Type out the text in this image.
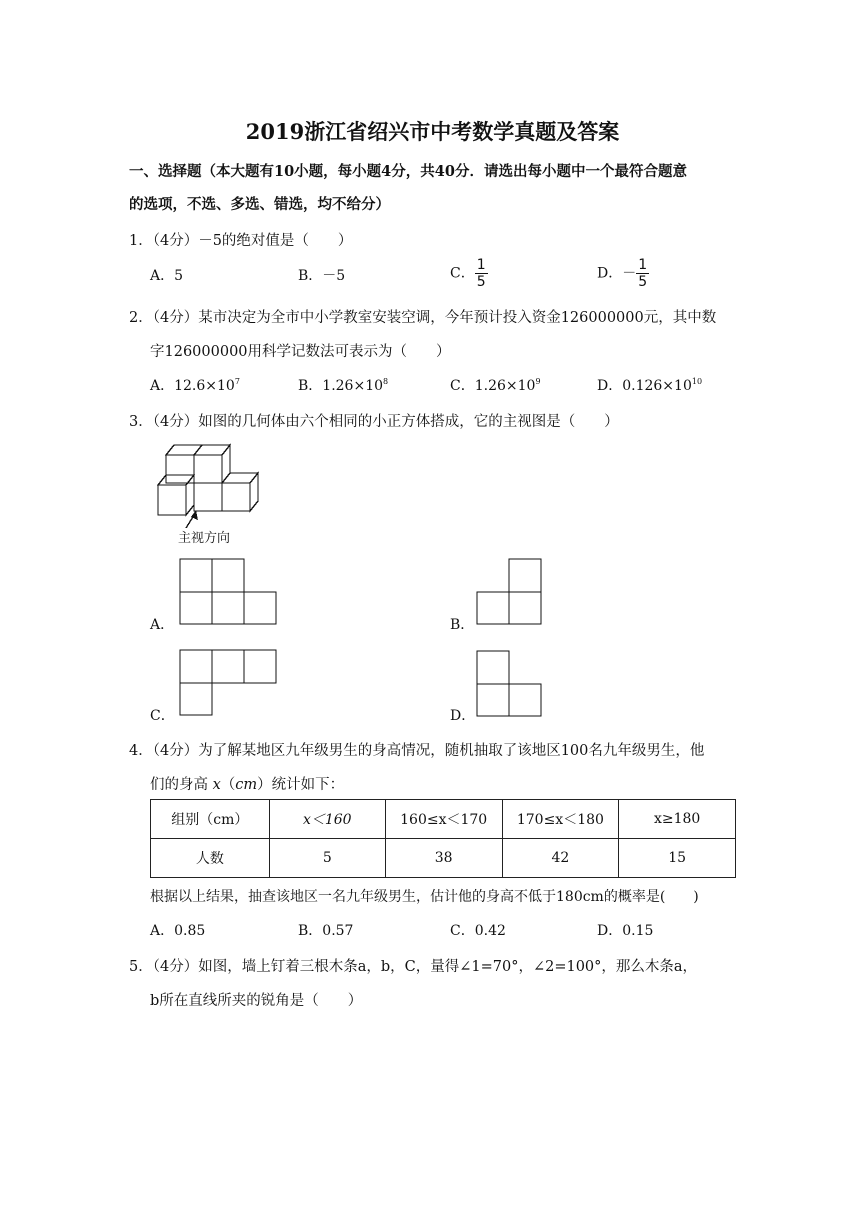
2019浙江省绍兴市中考数学真题及答案
一、选择题（本大题有10小题，每小题4分，共40分．请选出每小题中一个最符合题意
的选项，不选、多选、错选，均不给分）
1．（4分）－5的绝对值是（　　）
A．5	B．－5	C． $\frac{1}{5}$	D．－ $\frac{1}{5}$
2．（4分）某市决定为全市中小学教室安装空调，今年预计投入资金126000000元，其中数
字126000000用科学记数法可表示为（　　）
A．$12.6\times 10^7$	B．$1.26\times 10^8$	C．$1.26\times 10^9$	D．$0.126\times 10^{10}$
3．（4分）如图的几何体由六个相同的小正方体搭成，它的主视图是（　　）
主视方向
A．	B．
C．	D．
4．（4分）为了解某地区九年级男生的身高情况，随机抽取了该地区100名九年级男生，他
们的身高 x（cm）统计如下：
组别（cm）	x＜160	160≤x＜170	170≤x＜180	x≥180
人数	5	38	42	15
根据以上结果，抽查该地区一名九年级男生，估计他的身高不低于180cm的概率是(　　)
A．0.85	B．0.57	C．0.42	D．0.15
5．（4分）如图，墙上钉着三根木条a，b，C，量得∠1=70°，∠2=100°，那么木条a，
b所在直线所夹的锐角是（　　）
